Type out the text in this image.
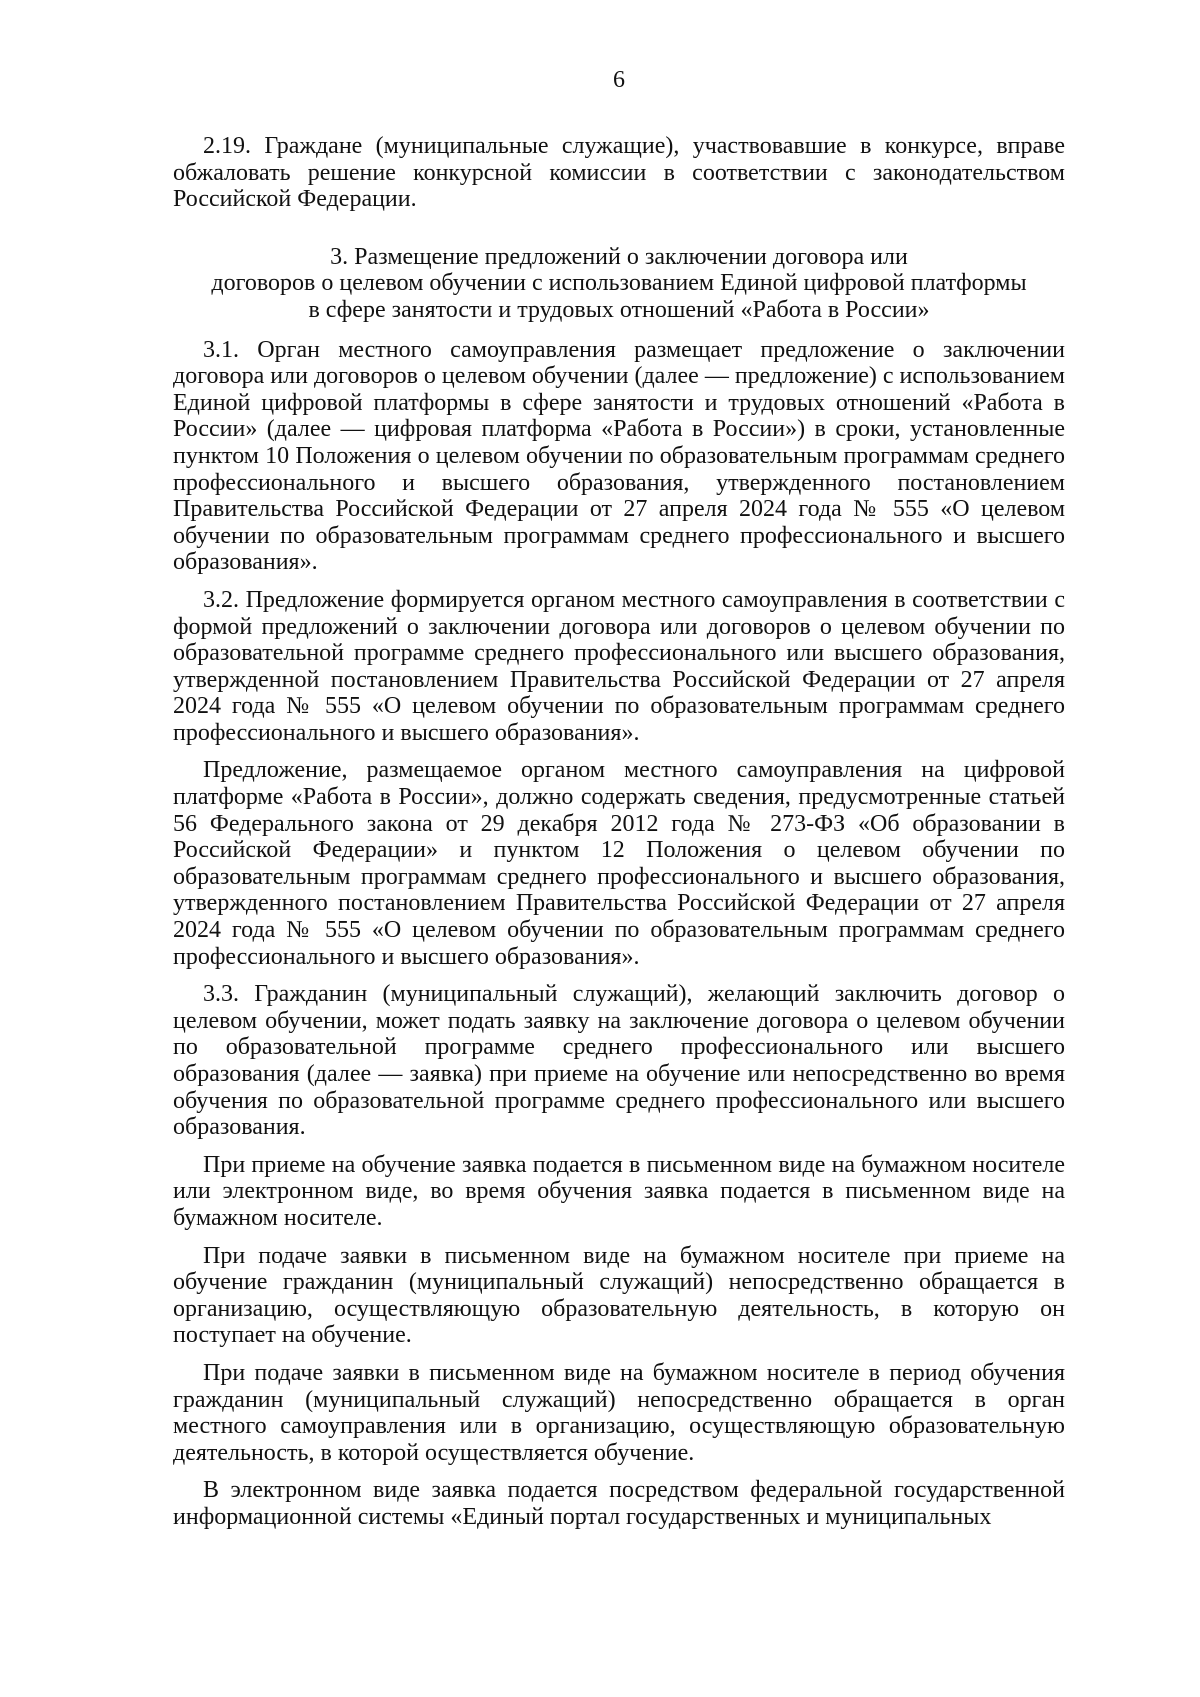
6

2.19. Граждане (муниципальные служащие), участвовавшие в конкурсе, вправе обжаловать решение конкурсной комиссии в соответствии с законодательством Российской Федерации.

3. Размещение предложений о заключении договора или
договоров о целевом обучении с использованием Единой цифровой платформы
в сфере занятости и трудовых отношений «Работа в России»

3.1. Орган местного самоуправления размещает предложение о заключении договора или договоров о целевом обучении (далее — предложение) с использованием Единой цифровой платформы в сфере занятости и трудовых отношений «Работа в России» (далее — цифровая платформа «Работа в России») в сроки, установленные пунктом 10 Положения о целевом обучении по образовательным программам среднего профессионального и высшего образования, утвержденного постановлением Правительства Российской Федерации от 27 апреля 2024 года № 555 «О целевом обучении по образовательным программам среднего профессионального и высшего образования».

3.2. Предложение формируется органом местного самоуправления в соответствии с формой предложений о заключении договора или договоров о целевом обучении по образовательной программе среднего профессионального или высшего образования, утвержденной постановлением Правительства Российской Федерации от 27 апреля 2024 года № 555 «О целевом обучении по образовательным программам среднего профессионального и высшего образования».

Предложение, размещаемое органом местного самоуправления на цифровой платформе «Работа в России», должно содержать сведения, предусмотренные статьей 56 Федерального закона от 29 декабря 2012 года № 273-ФЗ «Об образовании в Российской Федерации» и пунктом 12 Положения о целевом обучении по образовательным программам среднего профессионального и высшего образования, утвержденного постановлением Правительства Российской Федерации от 27 апреля 2024 года № 555 «О целевом обучении по образовательным программам среднего профессионального и высшего образования».

3.3. Гражданин (муниципальный служащий), желающий заключить договор о целевом обучении, может подать заявку на заключение договора о целевом обучении по образовательной программе среднего профессионального или высшего образования (далее — заявка) при приеме на обучение или непосредственно во время обучения по образовательной программе среднего профессионального или высшего образования.

При приеме на обучение заявка подается в письменном виде на бумажном носителе или электронном виде, во время обучения заявка подается в письменном виде на бумажном носителе.

При подаче заявки в письменном виде на бумажном носителе при приеме на обучение гражданин (муниципальный служащий) непосредственно обращается в организацию, осуществляющую образовательную деятельность, в которую он поступает на обучение.

При подаче заявки в письменном виде на бумажном носителе в период обучения гражданин (муниципальный служащий) непосредственно обращается в орган местного самоуправления или в организацию, осуществляющую образовательную деятельность, в которой осуществляется обучение.

В электронном виде заявка подается посредством федеральной государственной информационной системы «Единый портал государственных и муниципальных
